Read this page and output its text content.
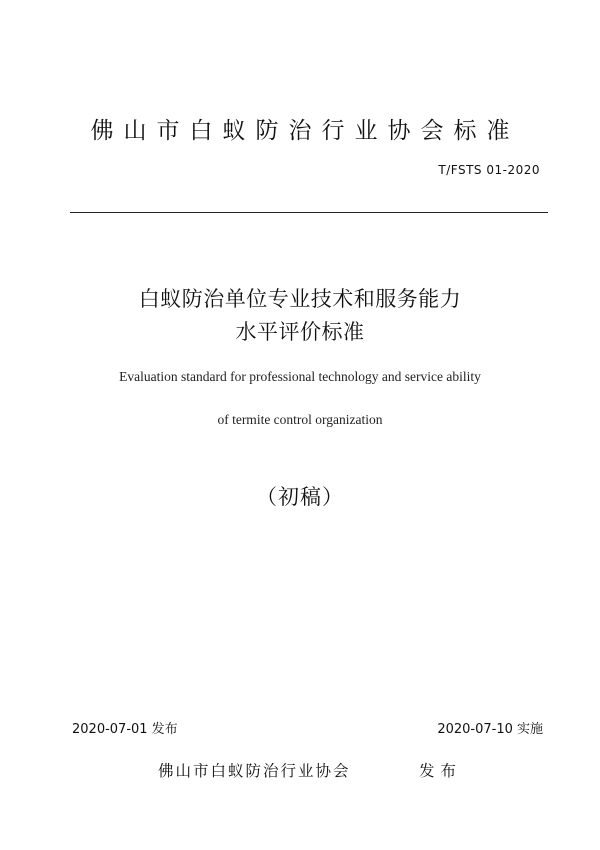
佛山市白蚁防治行业协会标准
T/FSTS 01-2020
白蚁防治单位专业技术和服务能力
水平评价标准
Evaluation standard for professional technology and service ability
of termite control organization
（初稿）
2020-07-01 发布	2020-07-10 实施
佛山市白蚁防治行业协会	发布
